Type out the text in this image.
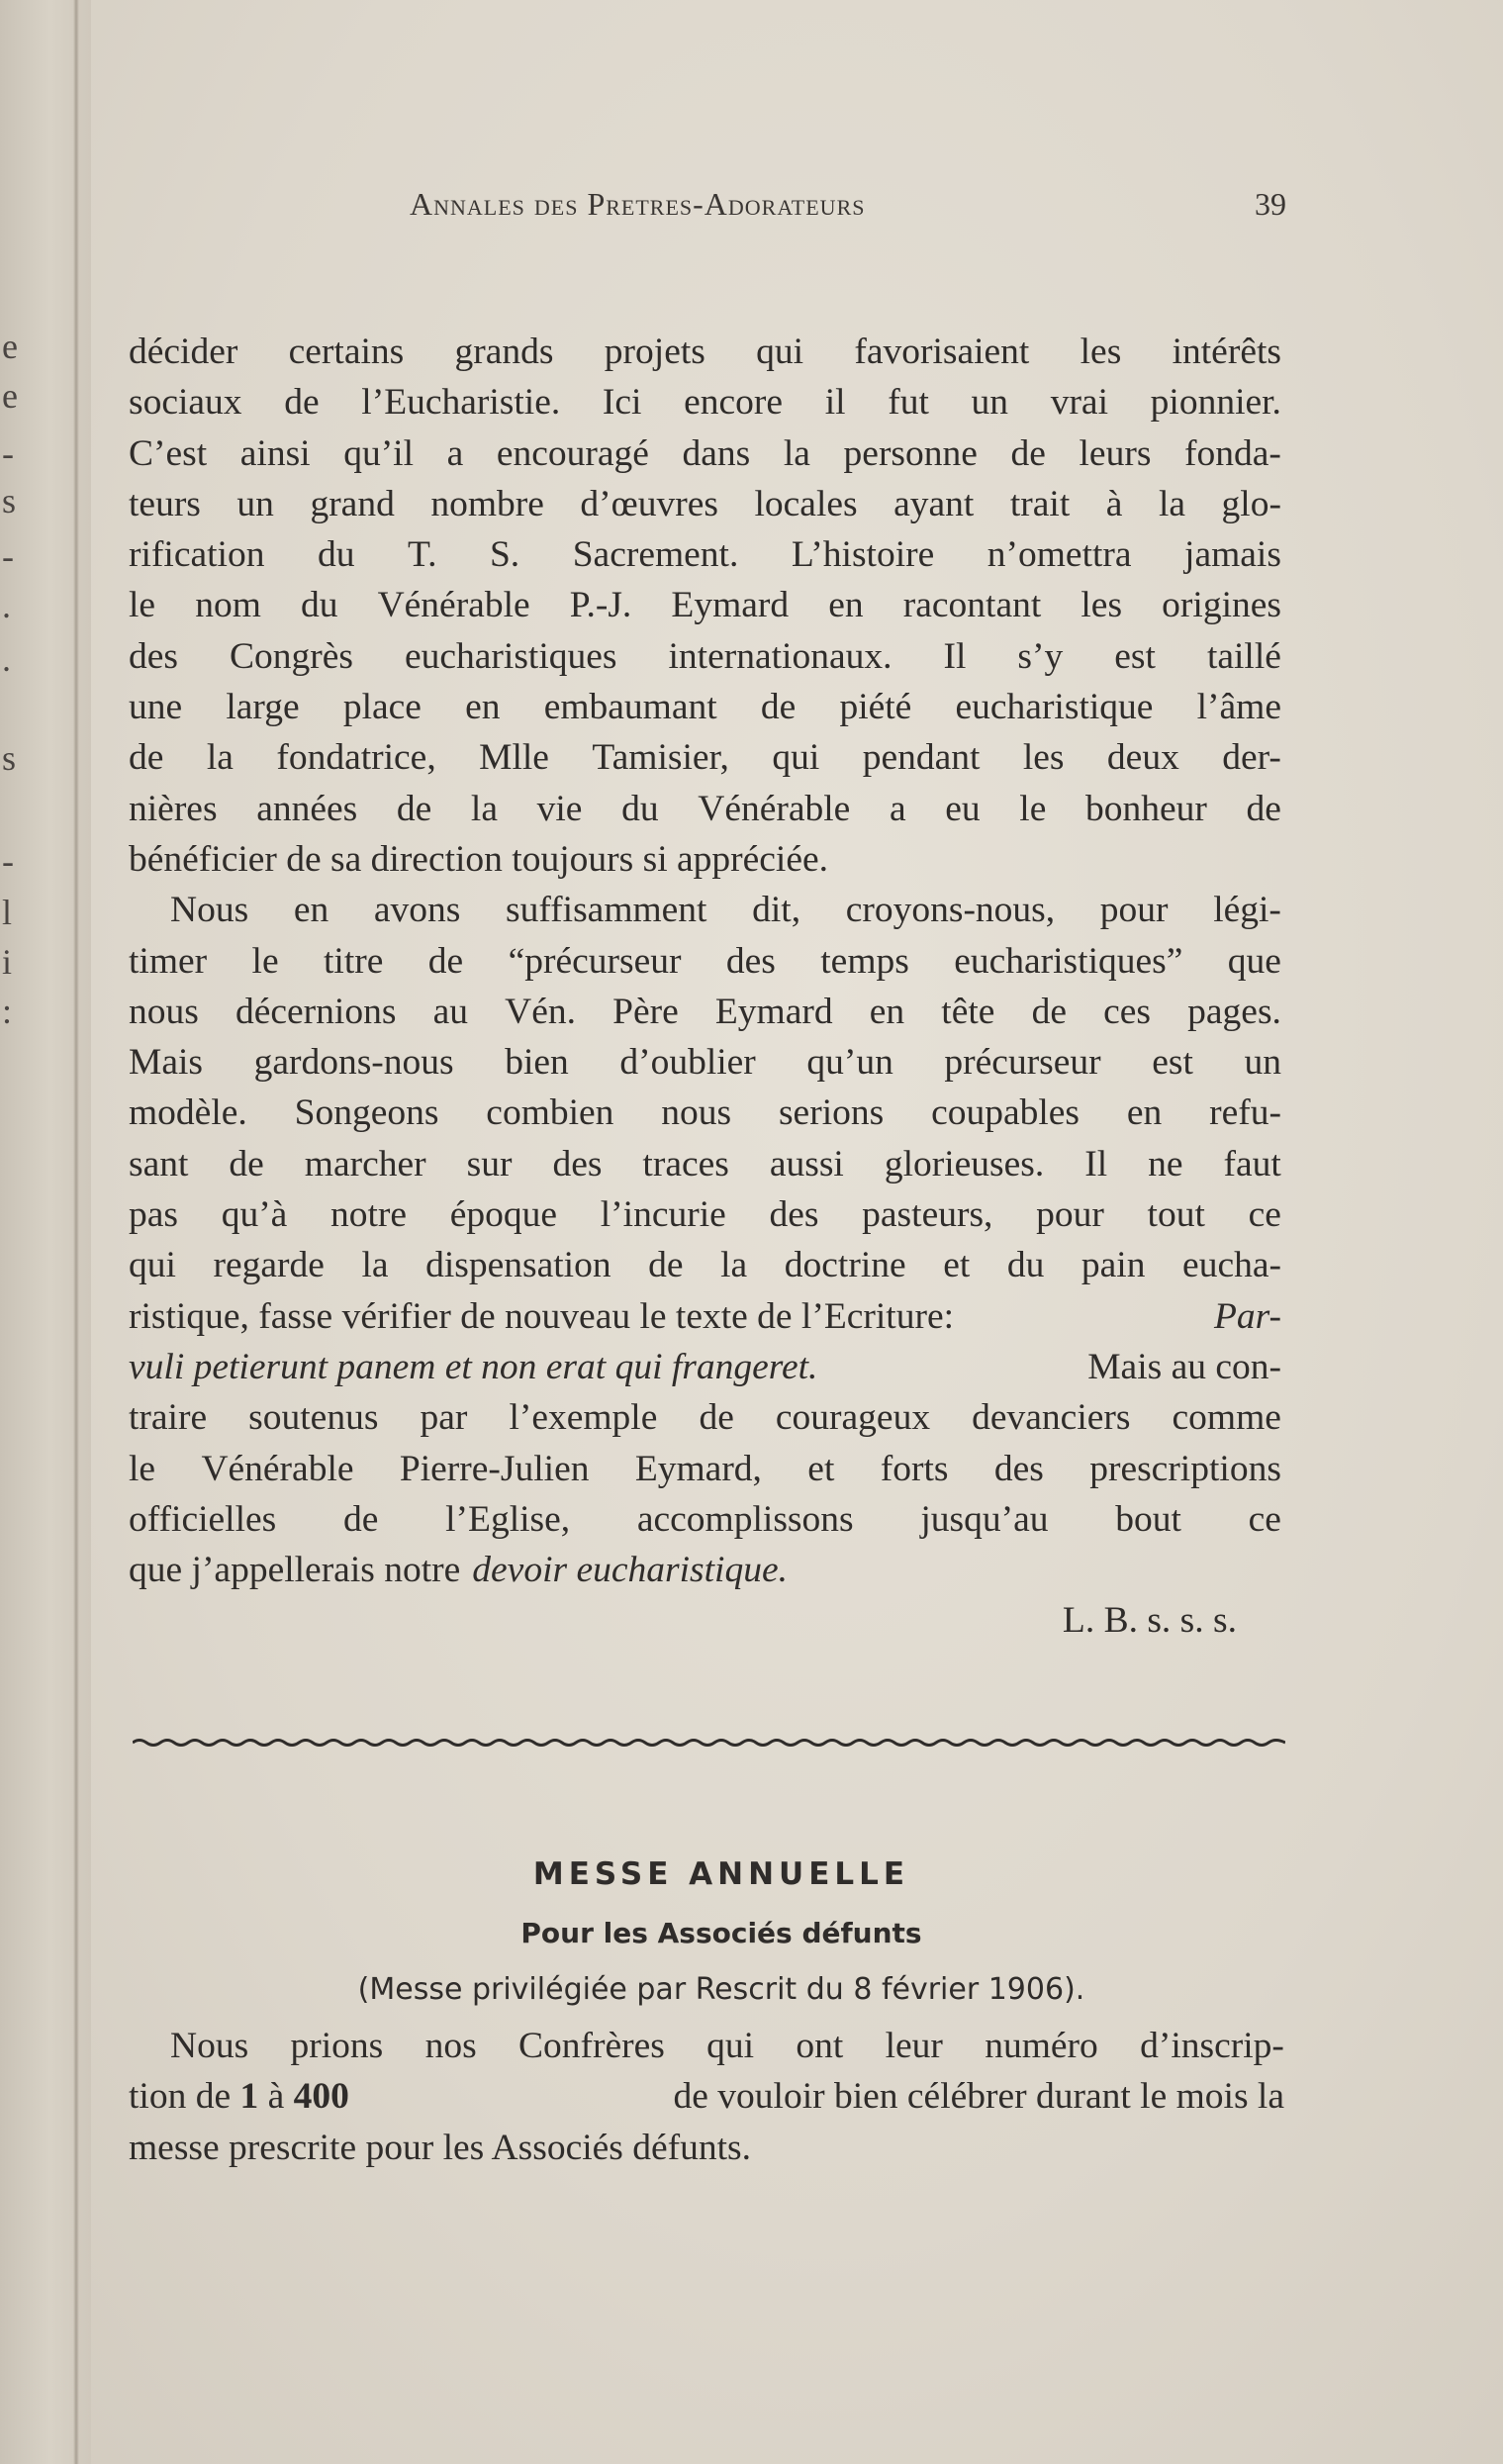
e
e
-
s
-
.
.
s
-
l
i
:
Annales des Pretres-Adorateurs	39
décider certains grands projets qui favorisaient les intérêts
sociaux de l’Eucharistie. Ici encore il fut un vrai pionnier.
C’est ainsi qu’il a encouragé dans la personne de leurs fonda-
teurs un grand nombre d’œuvres locales ayant trait à la glo-
rification du T. S. Sacrement. L’histoire n’omettra jamais
le nom du Vénérable P.-J. Eymard en racontant les origines
des Congrès eucharistiques internationaux. Il s’y est taillé
une large place en embaumant de piété eucharistique l’âme
de la fondatrice, Mlle Tamisier, qui pendant les deux der-
nières années de la vie du Vénérable a eu le bonheur de
bénéficier de sa direction toujours si appréciée.
Nous en avons suffisamment dit, croyons-nous, pour légi-
timer le titre de “précurseur des temps eucharistiques” que
nous décernions au Vén. Père Eymard en tête de ces pages.
Mais gardons-nous bien d’oublier qu’un précurseur est un
modèle. Songeons combien nous serions coupables en refu-
sant de marcher sur des traces aussi glorieuses. Il ne faut
pas qu’à notre époque l’incurie des pasteurs, pour tout ce
qui regarde la dispensation de la doctrine et du pain eucha-
ristique, fasse vérifier de nouveau le texte de l’Ecriture:	Par-
vuli petierunt panem et non erat qui frangeret.	Mais au con-
traire soutenus par l’exemple de courageux devanciers comme
le Vénérable Pierre-Julien Eymard, et forts des prescriptions
officielles de l’Eglise, accomplissons jusqu’au bout ce
que j’appellerais notre devoir eucharistique.
L. B. s. s. s.
MESSE ANNUELLE
Pour les Associés défunts
(Messe privilégiée par Rescrit du 8 février 1906).
Nous prions nos Confrères qui ont leur numéro d’inscrip-
tion de 1 à 400	de vouloir bien célébrer durant le mois la
messe prescrite pour les Associés défunts.
